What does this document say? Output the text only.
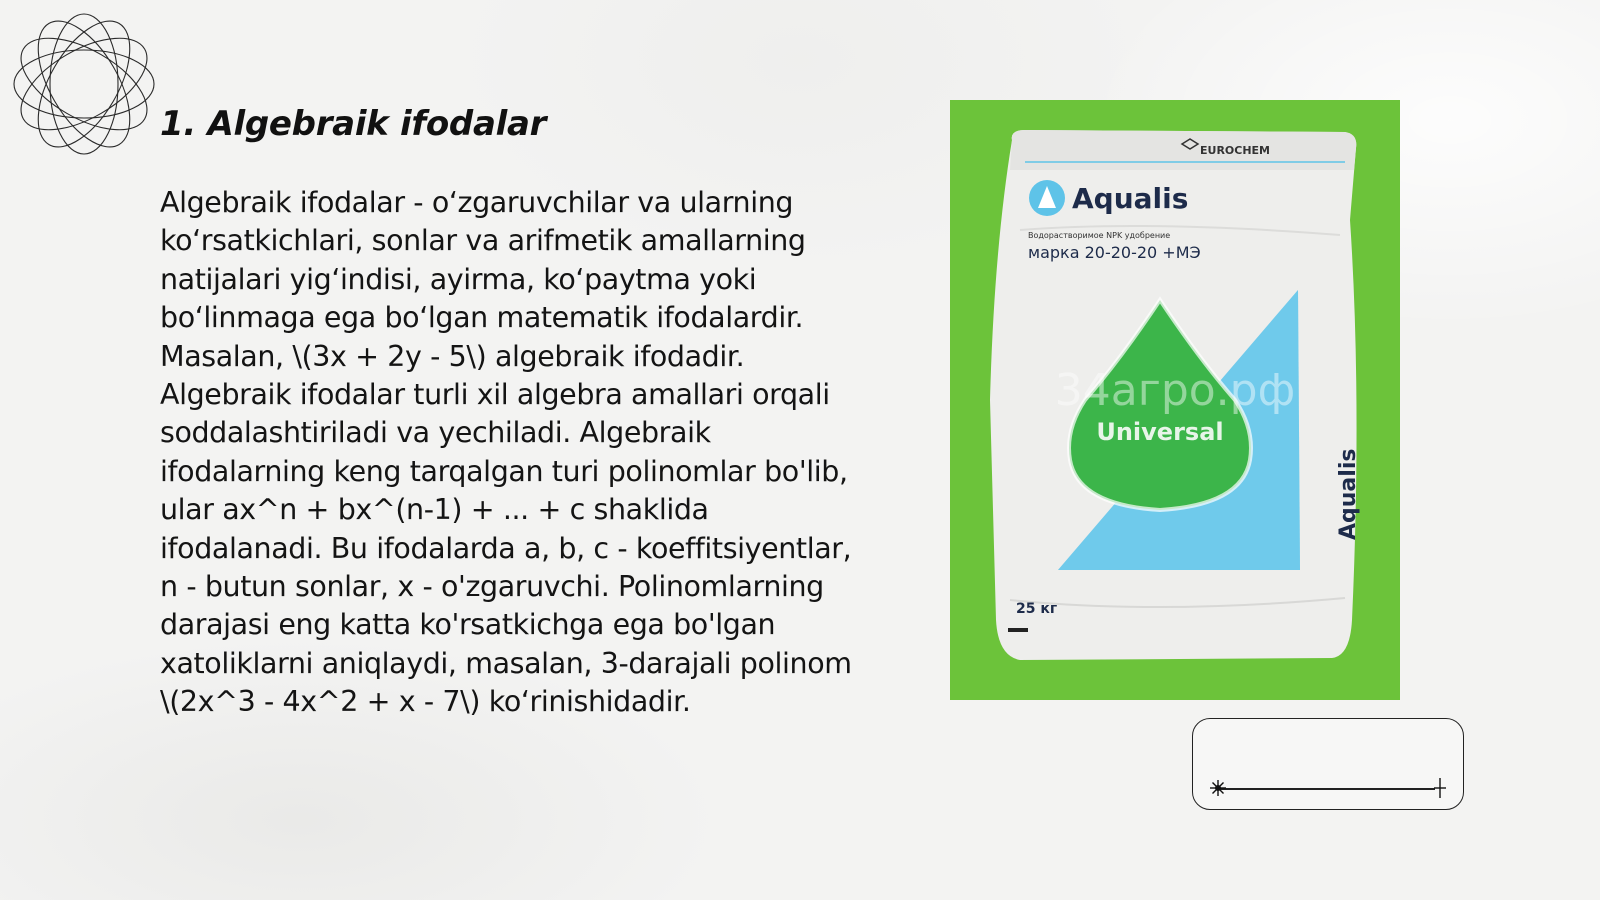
1. Algebraik ifodalar

Algebraik ifodalar - o‘zgaruvchilar va ularning ko‘rsatkichlari, sonlar va arifmetik amallarning natijalari yig‘indisi, ayirma, ko‘paytma yoki bo‘linmaga ega bo‘lgan matematik ifodalardir. Masalan, \(3x + 2y - 5\) algebraik ifodadir. Algebraik ifodalar turli xil algebra amallari orqali soddalashtiriladi va yechiladi. Algebraik ifodalarning keng tarqalgan turi polinomlar bo'lib, ular ax^n + bx^(n-1) + ... + c shaklida ifodalanadi. Bu ifodalarda a, b, c - koeffitsiyentlar, n - butun sonlar, x - o'zgaruvchi. Polinomlarning darajasi eng katta ko'rsatkichga ega bo'lgan xatoliklarni aniqlaydi, masalan, 3-darajali polinom \(2x^3 - 4x^2 + x - 7\) ko‘rinishidadir.

EUROCHEM
Aqualis
Водорастворимое NPK удобрение
марка 20-20-20 +МЭ
Universal
34агро.рф
Aqualis
25 кг
